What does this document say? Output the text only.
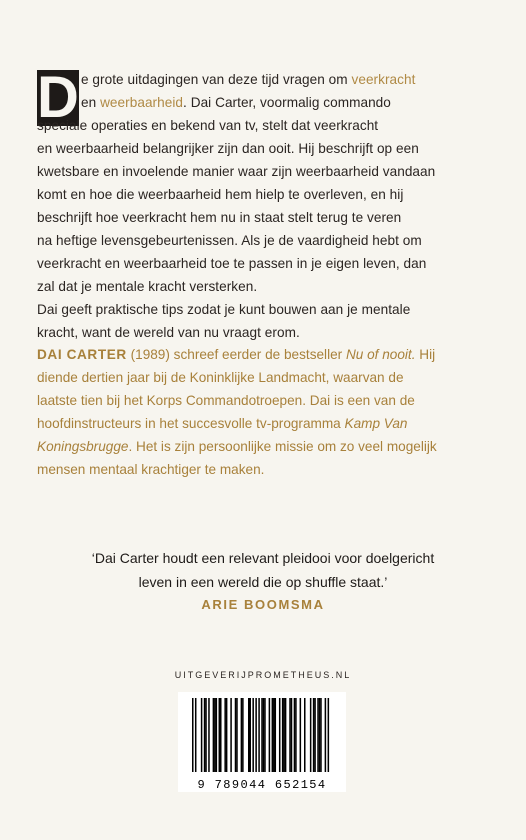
D e grote uitdagingen van deze tijd vragen om veerkracht
en weerbaarheid. Dai Carter, voormalig commando
speciale operaties en bekend van tv, stelt dat veerkracht
en weerbaarheid belangrijker zijn dan ooit. Hij beschrijft op een
kwetsbare en invoelende manier waar zijn weerbaarheid vandaan
komt en hoe die weerbaarheid hem hielp te overleven, en hij
beschrijft hoe veerkracht hem nu in staat stelt terug te veren
na heftige levensgebeurtenissen. Als je de vaardigheid hebt om
veerkracht en weerbaarheid toe te passen in je eigen leven, dan
zal dat je mentale kracht versterken.
Dai geeft praktische tips zodat je kunt bouwen aan je mentale
kracht, want de wereld van nu vraagt erom.
DAI CARTER (1989) schreef eerder de bestseller Nu of nooit. Hij
diende dertien jaar bij de Koninklijke Landmacht, waarvan de
laatste tien bij het Korps Commandotroepen. Dai is een van de
hoofdinstructeurs in het succesvolle tv-programma Kamp Van
Koningsbrugge. Het is zijn persoonlijke missie om zo veel mogelijk
mensen mentaal krachtiger te maken.
‘Dai Carter houdt een relevant pleidooi voor doelgericht
leven in een wereld die op shuffle staat.’
ARIE BOOMSMA
UITGEVERIJPROMETHEUS.NL
9 789044 652154
